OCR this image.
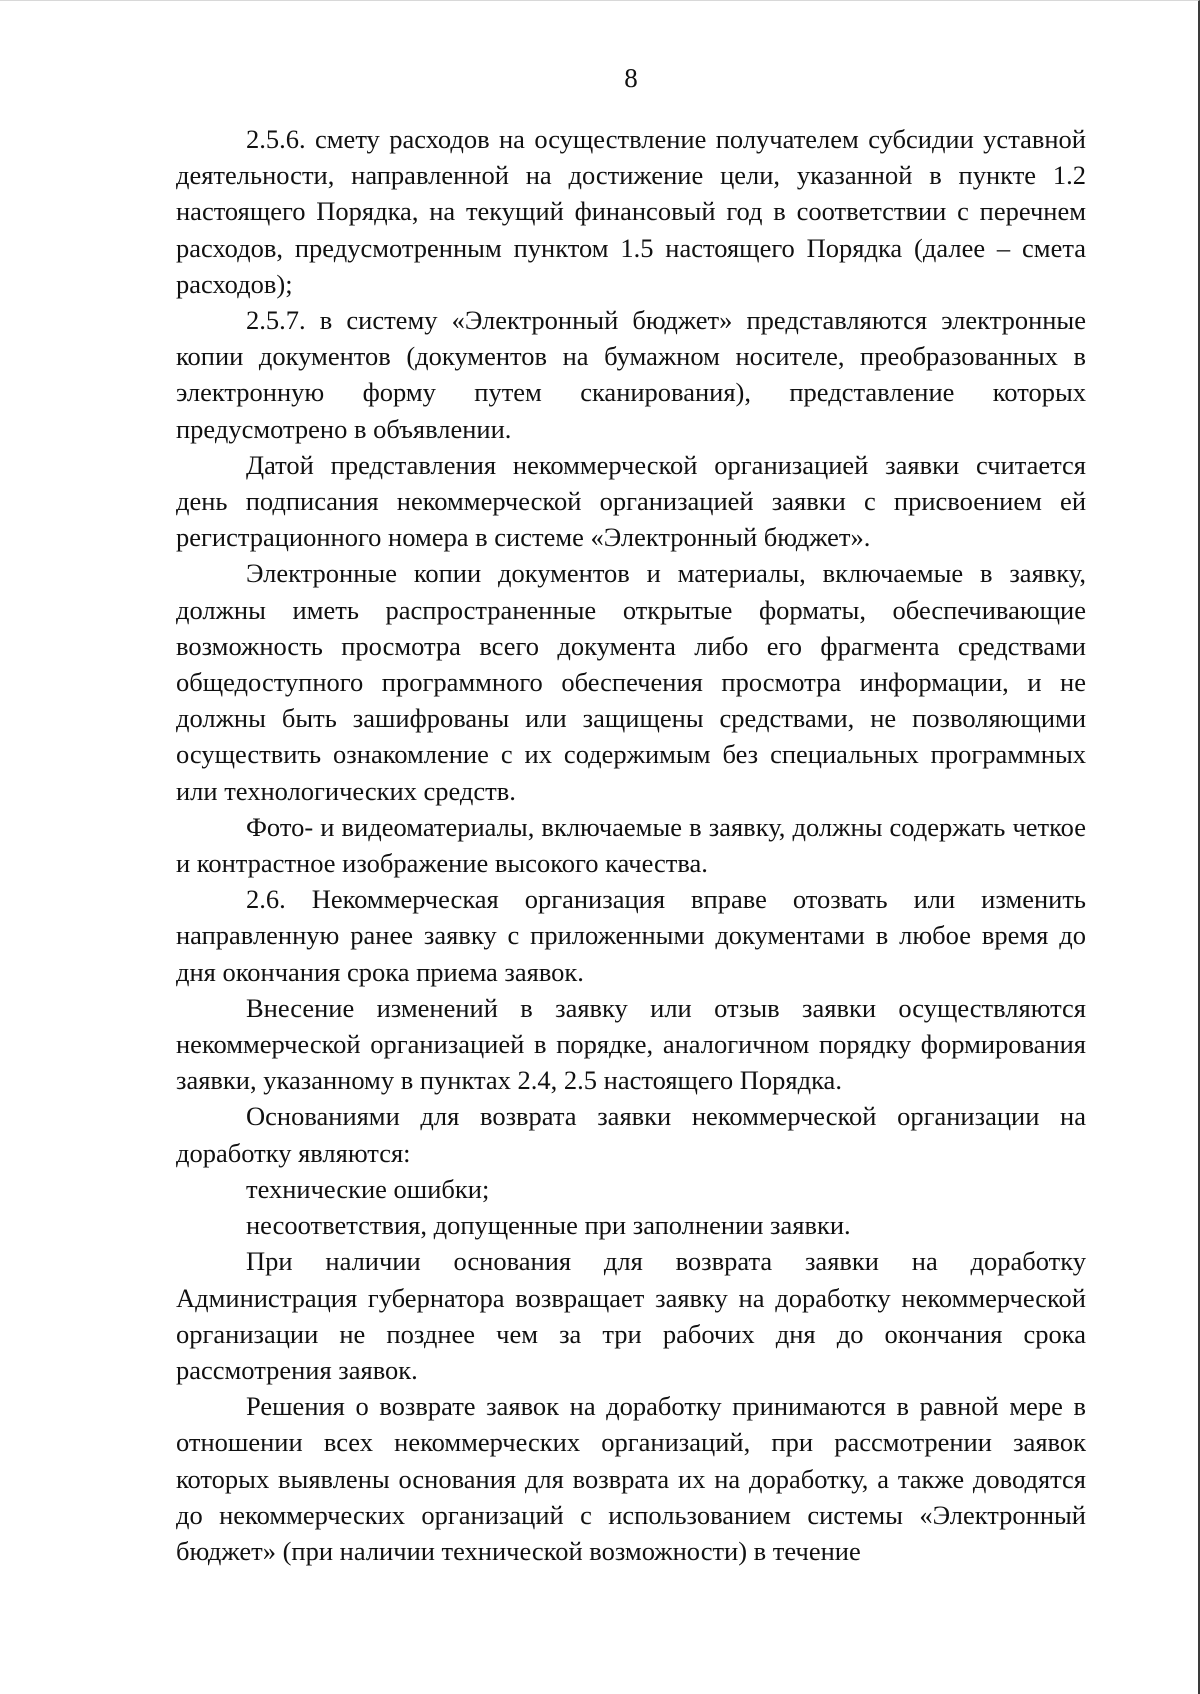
8

2.5.6. смету расходов на осуществление получателем субсидии уставной деятельности, направленной на достижение цели, указанной в пункте 1.2 настоящего Порядка, на текущий финансовый год в соответствии с перечнем расходов, предусмотренным пунктом 1.5 настоящего Порядка (далее – смета расходов);

2.5.7. в систему «Электронный бюджет» представляются электронные копии документов (документов на бумажном носителе, преобразованных в электронную форму путем сканирования), представление которых предусмотрено в объявлении.

Датой представления некоммерческой организацией заявки считается день подписания некоммерческой организацией заявки с присвоением ей регистрационного номера в системе «Электронный бюджет».

Электронные копии документов и материалы, включаемые в заявку, должны иметь распространенные открытые форматы, обеспечивающие возможность просмотра всего документа либо его фрагмента средствами общедоступного программного обеспечения просмотра информации, и не должны быть зашифрованы или защищены средствами, не позволяющими осуществить ознакомление с их содержимым без специальных программных или технологических средств.

Фото- и видеоматериалы, включаемые в заявку, должны содержать четкое и контрастное изображение высокого качества.

2.6. Некоммерческая организация вправе отозвать или изменить направленную ранее заявку с приложенными документами в любое время до дня окончания срока приема заявок.

Внесение изменений в заявку или отзыв заявки осуществляются некоммерческой организацией в порядке, аналогичном порядку формирования заявки, указанному в пунктах 2.4, 2.5 настоящего Порядка.

Основаниями для возврата заявки некоммерческой организации на доработку являются:

технические ошибки;

несоответствия, допущенные при заполнении заявки.

При наличии основания для возврата заявки на доработку Администрация губернатора возвращает заявку на доработку некоммерческой организации не позднее чем за три рабочих дня до окончания срока рассмотрения заявок.

Решения о возврате заявок на доработку принимаются в равной мере в отношении всех некоммерческих организаций, при рассмотрении заявок которых выявлены основания для возврата их на доработку, а также доводятся до некоммерческих организаций с использованием системы «Электронный бюджет» (при наличии технической возможности) в течение
